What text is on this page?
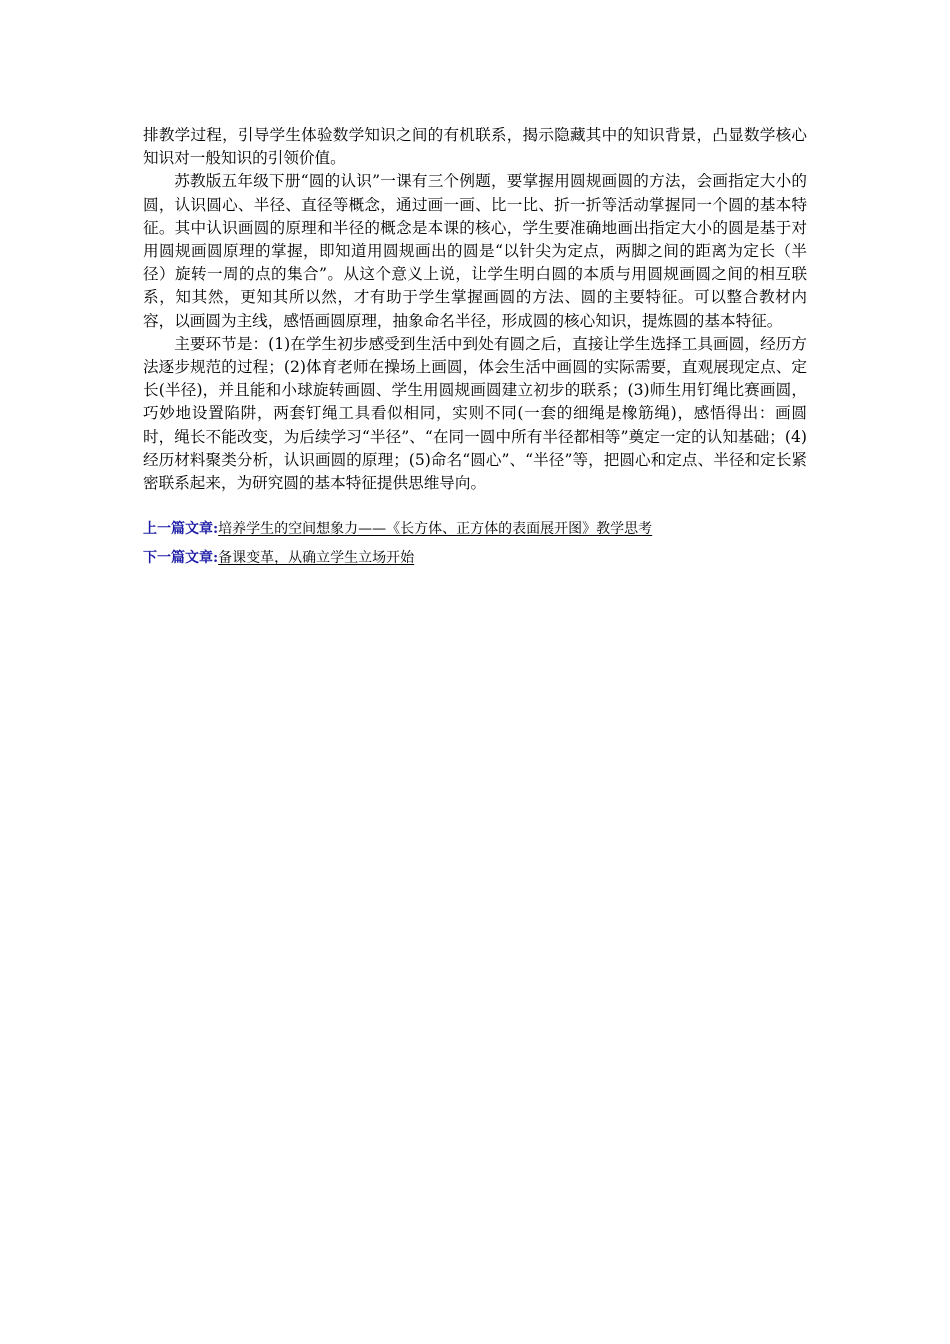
排教学过程，引导学生体验数学知识之间的有机联系，揭示隐藏其中的知识背景，凸显数学核心知识对一般知识的引领价值。

苏教版五年级下册“圆的认识”一课有三个例题，要掌握用圆规画圆的方法，会画指定大小的圆，认识圆心、半径、直径等概念，通过画一画、比一比、折一折等活动掌握同一个圆的基本特征。其中认识画圆的原理和半径的概念是本课的核心，学生要准确地画出指定大小的圆是基于对用圆规画圆原理的掌握，即知道用圆规画出的圆是“以针尖为定点，两脚之间的距离为定长（半径）旋转一周的点的集合”。从这个意义上说，让学生明白圆的本质与用圆规画圆之间的相互联系，知其然，更知其所以然，才有助于学生掌握画圆的方法、圆的主要特征。可以整合教材内容，以画圆为主线，感悟画圆原理，抽象命名半径，形成圆的核心知识，提炼圆的基本特征。

主要环节是：(1)在学生初步感受到生活中到处有圆之后，直接让学生选择工具画圆，经历方法逐步规范的过程；(2)体育老师在操场上画圆，体会生活中画圆的实际需要，直观展现定点、定长(半径)，并且能和小球旋转画圆、学生用圆规画圆建立初步的联系；(3)师生用钉绳比赛画圆，巧妙地设置陷阱，两套钉绳工具看似相同，实则不同(一套的细绳是橡筋绳)，感悟得出：画圆时，绳长不能改变，为后续学习“半径”、“在同一圆中所有半径都相等”奠定一定的认知基础；(4)经历材料聚类分析，认识画圆的原理；(5)命名“圆心”、“半径”等，把圆心和定点、半径和定长紧密联系起来，为研究圆的基本特征提供思维导向。

上一篇文章:培养学生的空间想象力——《长方体、正方体的表面展开图》教学思考

下一篇文章:备课变革，从确立学生立场开始
